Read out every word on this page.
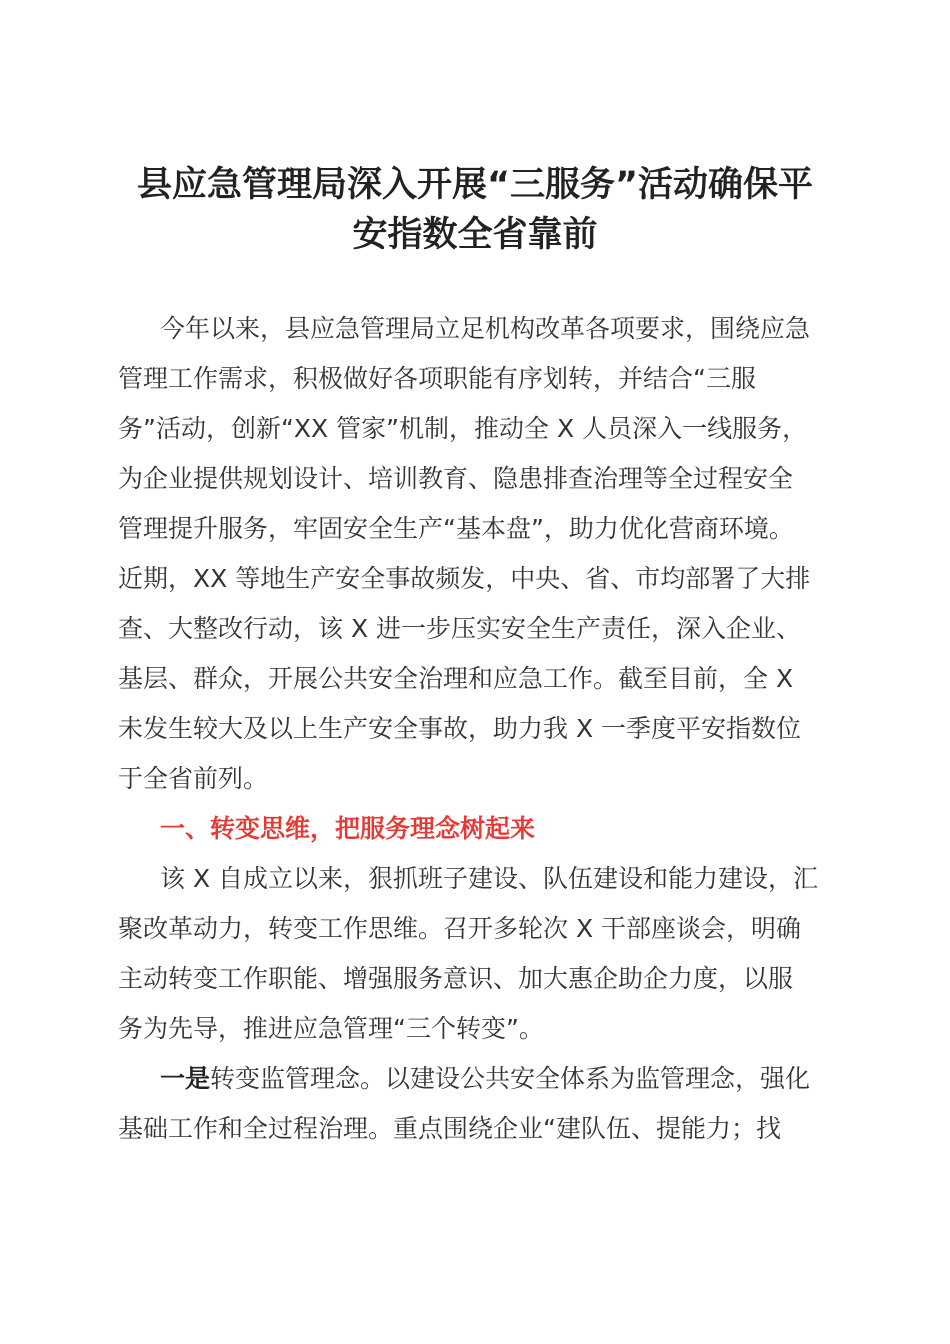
县应急管理局深入开展“三服务”活动确保平
安指数全省靠前
今年以来，县应急管理局立足机构改革各项要求，围绕应急
管理工作需求，积极做好各项职能有序划转，并结合“三服
务”活动，创新“XX 管家”机制，推动全 X 人员深入一线服务，
为企业提供规划设计、培训教育、隐患排查治理等全过程安全
管理提升服务，牢固安全生产“基本盘”，助力优化营商环境。
近期，XX 等地生产安全事故频发，中央、省、市均部署了大排
查、大整改行动，该 X 进一步压实安全生产责任，深入企业、
基层、群众，开展公共安全治理和应急工作。截至目前，全 X
未发生较大及以上生产安全事故，助力我 X 一季度平安指数位
于全省前列。
一、转变思维，把服务理念树起来
该 X 自成立以来，狠抓班子建设、队伍建设和能力建设，汇
聚改革动力，转变工作思维。召开多轮次 X 干部座谈会，明确
主动转变工作职能、增强服务意识、加大惠企助企力度，以服
务为先导，推进应急管理“三个转变”。
一是转变监管理念。以建设公共安全体系为监管理念，强化
基础工作和全过程治理。重点围绕企业“建队伍、提能力；找
